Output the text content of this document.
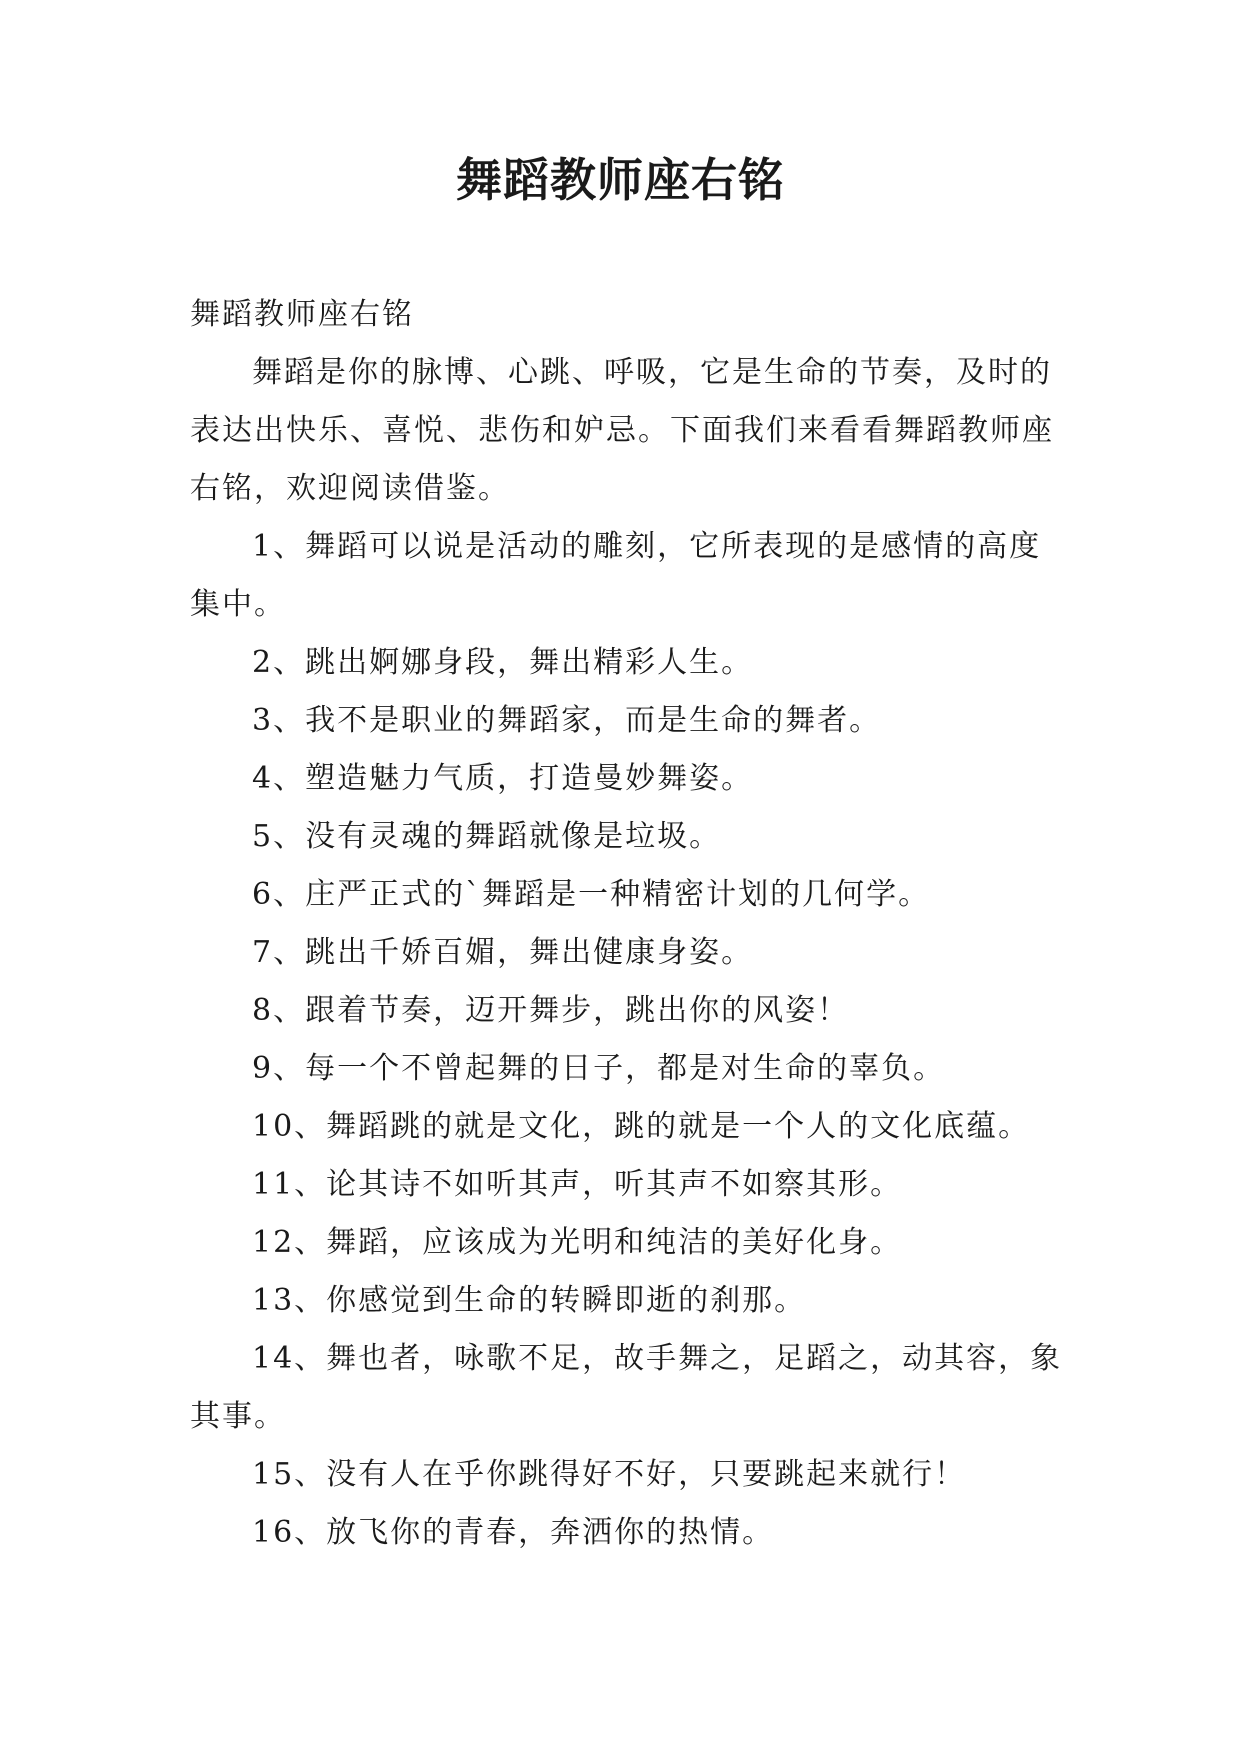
舞蹈教师座右铭

舞蹈教师座右铭

舞蹈是你的脉博、心跳、呼吸，它是生命的节奏，及时的表达出快乐、喜悦、悲伤和妒忌。下面我们来看看舞蹈教师座右铭，欢迎阅读借鉴。

1、舞蹈可以说是活动的雕刻，它所表现的是感情的高度集中。

2、跳出婀娜身段，舞出精彩人生。

3、我不是职业的舞蹈家，而是生命的舞者。

4、塑造魅力气质，打造曼妙舞姿。

5、没有灵魂的舞蹈就像是垃圾。

6、庄严正式的`舞蹈是一种精密计划的几何学。

7、跳出千娇百媚，舞出健康身姿。

8、跟着节奏，迈开舞步，跳出你的风姿！

9、每一个不曾起舞的日子，都是对生命的辜负。

10、舞蹈跳的就是文化，跳的就是一个人的文化底蕴。

11、论其诗不如听其声，听其声不如察其形。

12、舞蹈，应该成为光明和纯洁的美好化身。

13、你感觉到生命的转瞬即逝的刹那。

14、舞也者，咏歌不足，故手舞之，足蹈之，动其容，象其事。

15、没有人在乎你跳得好不好，只要跳起来就行！

16、放飞你的青春，奔洒你的热情。
